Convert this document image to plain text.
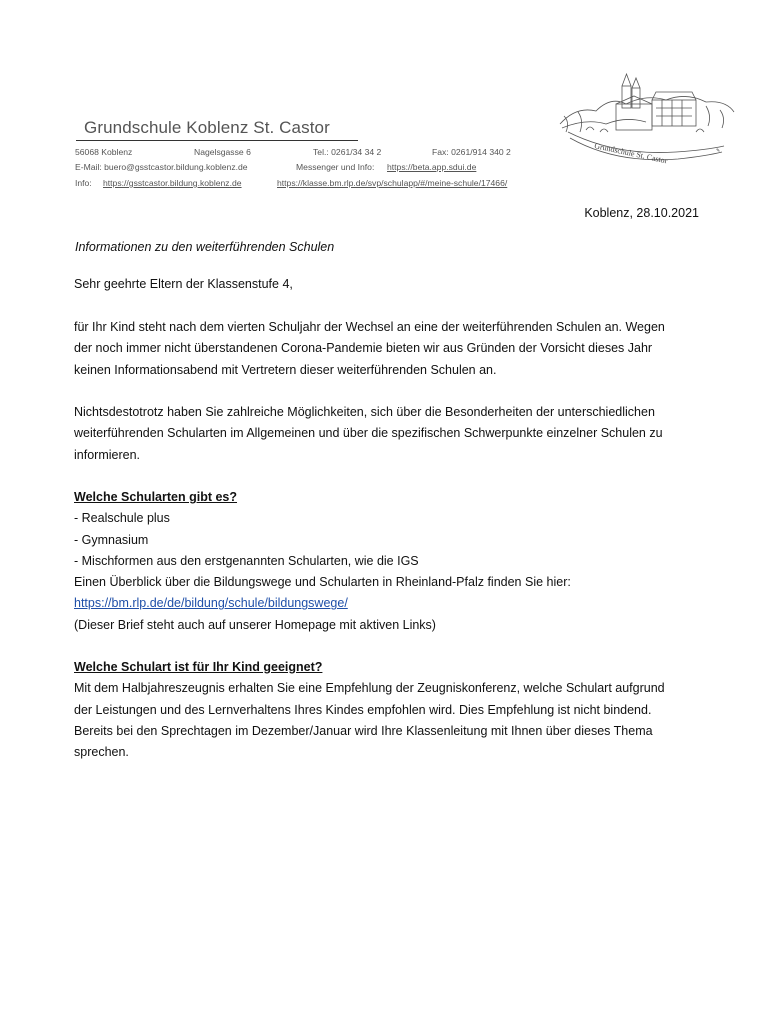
Grundschule Koblenz St. Castor
56068 Koblenz	Nagelsgasse 6	Tel.: 0261/34 34 2	Fax: 0261/914 340 2
E-Mail: buero@gsstcastor.bildung.koblenz.de	Messenger und Info: https://beta.app.sdui.de
Info: https://gsstcastor.bildung.koblenz.de	https://klasse.bm.rlp.de/svp/schulapp/#/meine-schule/17466/
Grundschule St. Castor	✎
Koblenz, 28.10.2021
Informationen zu den weiterführenden Schulen
Sehr geehrte Eltern der Klassenstufe 4,
für Ihr Kind steht nach dem vierten Schuljahr der Wechsel an eine der weiterführenden Schulen an. Wegen
der noch immer nicht überstandenen Corona-Pandemie bieten wir aus Gründen der Vorsicht dieses Jahr
keinen Informationsabend mit Vertretern dieser weiterführenden Schulen an.
Nichtsdestotrotz haben Sie zahlreiche Möglichkeiten, sich über die Besonderheiten der unterschiedlichen
weiterführenden Schularten im Allgemeinen und über die spezifischen Schwerpunkte einzelner Schulen zu
informieren.
Welche Schularten gibt es?
- Realschule plus
- Gymnasium
- Mischformen aus den erstgenannten Schularten, wie die IGS
Einen Überblick über die Bildungswege und Schularten in Rheinland-Pfalz finden Sie hier:
https://bm.rlp.de/de/bildung/schule/bildungswege/
(Dieser Brief steht auch auf unserer Homepage mit aktiven Links)
Welche Schulart ist für Ihr Kind geeignet?
Mit dem Halbjahreszeugnis erhalten Sie eine Empfehlung der Zeugniskonferenz, welche Schulart aufgrund
der Leistungen und des Lernverhaltens Ihres Kindes empfohlen wird. Dies Empfehlung ist nicht bindend.
Bereits bei den Sprechtagen im Dezember/Januar wird Ihre Klassenleitung mit Ihnen über dieses Thema
sprechen.
